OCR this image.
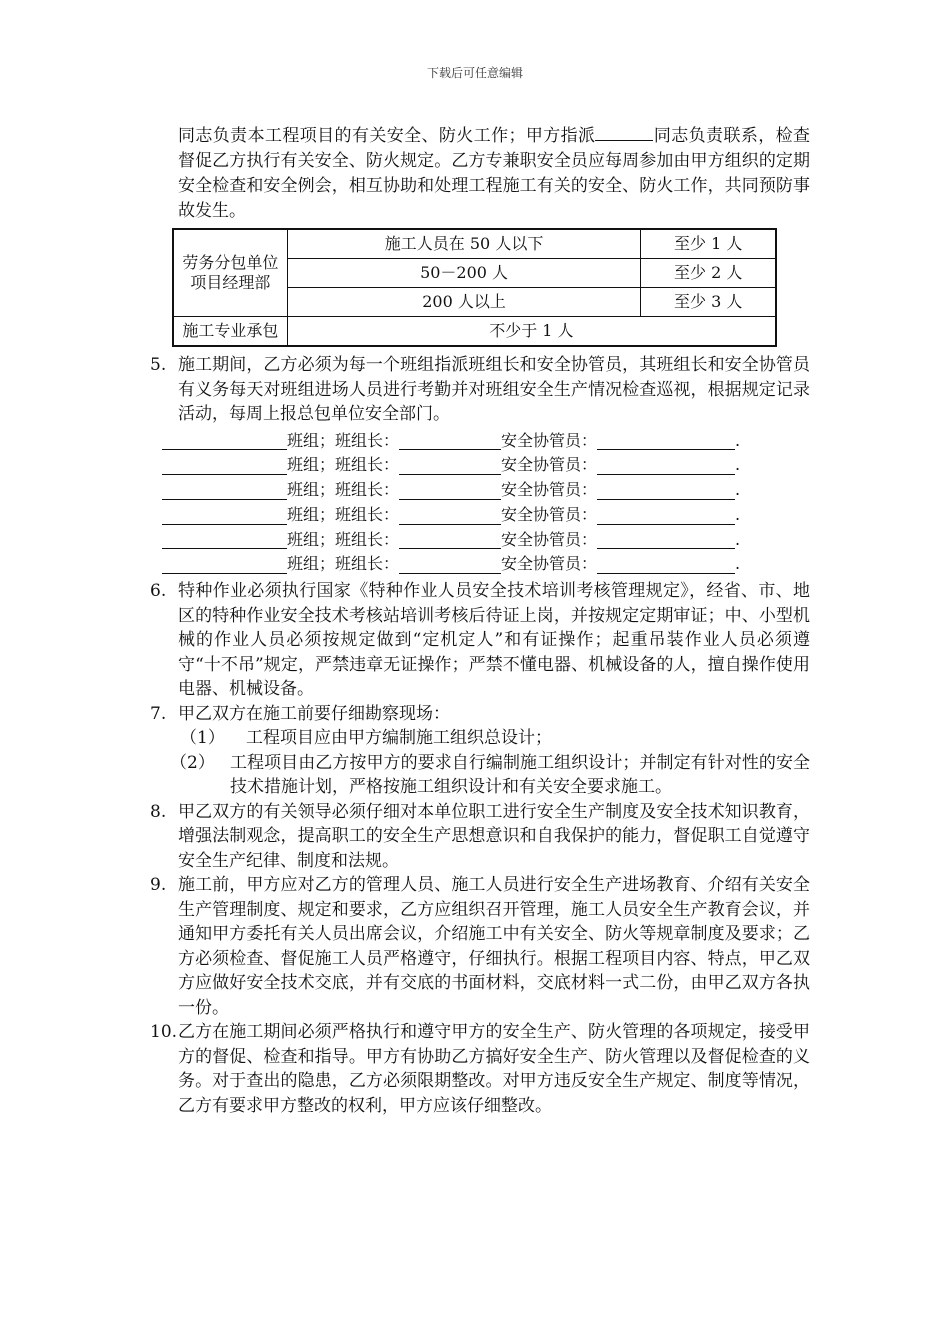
下载后可任意编辑

同志负责本工程项目的有关安全、防火工作；甲方指派	同志负责联系，检查督促乙方执行有关安全、防火规定。乙方专兼职安全员应每周参加由甲方组织的定期安全检查和安全例会，相互协助和处理工程施工有关的安全、防火工作，共同预防事故发生。

劳务分包单位项目经理部	施工人员在 50 人以下	至少 1 人
	50－200 人	至少 2 人
	200 人以上	至少 3 人
施工专业承包	不少于 1 人	

5. 施工期间，乙方必须为每一个班组指派班组长和安全协管员，其班组长和安全协管员有义务每天对班组进场人员进行考勤并对班组安全生产情况检查巡视，根据规定记录活动，每周上报总包单位安全部门。

班组；班组长：	安全协管员：	.
班组；班组长：	安全协管员：	.
班组；班组长：	安全协管员：	.
班组；班组长：	安全协管员：	.
班组；班组长：	安全协管员：	.
班组；班组长：	安全协管员：	.

6. 特种作业必须执行国家《特种作业人员安全技术培训考核管理规定》，经省、市、地区的特种作业安全技术考核站培训考核后待证上岗，并按规定定期审证；中、小型机械的作业人员必须按规定做到“定机定人”和有证操作；起重吊装作业人员必须遵守“十不吊”规定，严禁违章无证操作；严禁不懂电器、机械设备的人，擅自操作使用电器、机械设备。

7. 甲乙双方在施工前要仔细勘察现场：

（1） 工程项目应由甲方编制施工组织总设计；

（2） 工程项目由乙方按甲方的要求自行编制施工组织设计；并制定有针对性的安全技术措施计划，严格按施工组织设计和有关安全要求施工。

8. 甲乙双方的有关领导必须仔细对本单位职工进行安全生产制度及安全技术知识教育，增强法制观念，提高职工的安全生产思想意识和自我保护的能力，督促职工自觉遵守安全生产纪律、制度和法规。

9. 施工前，甲方应对乙方的管理人员、施工人员进行安全生产进场教育、介绍有关安全生产管理制度、规定和要求，乙方应组织召开管理，施工人员安全生产教育会议，并通知甲方委托有关人员出席会议，介绍施工中有关安全、防火等规章制度及要求；乙方必须检查、督促施工人员严格遵守，仔细执行。根据工程项目内容、特点，甲乙双方应做好安全技术交底，并有交底的书面材料，交底材料一式二份，由甲乙双方各执一份。

10. 乙方在施工期间必须严格执行和遵守甲方的安全生产、防火管理的各项规定，接受甲方的督促、检查和指导。甲方有协助乙方搞好安全生产、防火管理以及督促检查的义务。对于查出的隐患，乙方必须限期整改。对甲方违反安全生产规定、制度等情况，乙方有要求甲方整改的权利，甲方应该仔细整改。
